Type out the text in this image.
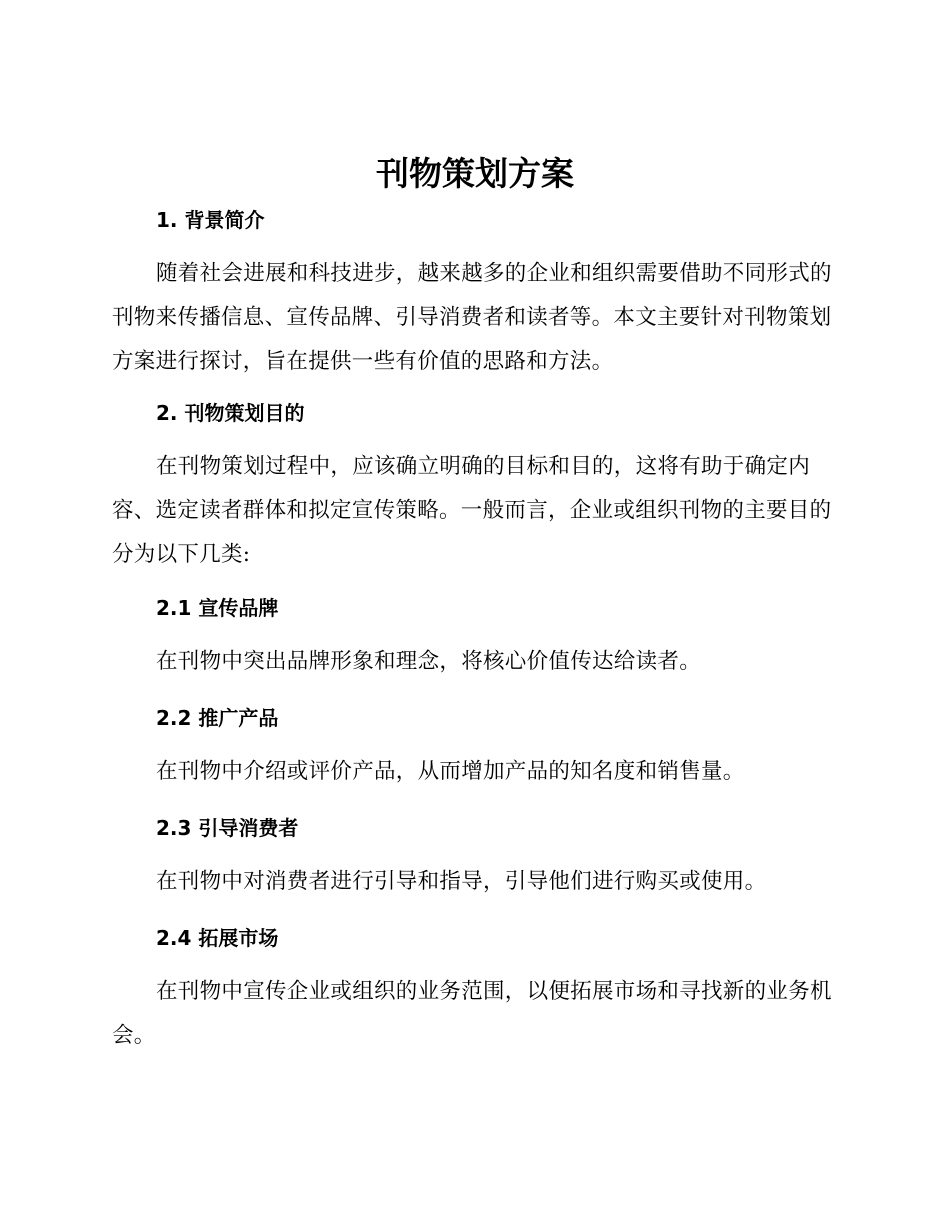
刊物策划方案
1. 背景简介
随着社会进展和科技进步，越来越多的企业和组织需要借助不同形式的
刊物来传播信息、宣传品牌、引导消费者和读者等。本文主要针对刊物策划
方案进行探讨，旨在提供一些有价值的思路和方法。
2. 刊物策划目的
在刊物策划过程中，应该确立明确的目标和目的，这将有助于确定内
容、选定读者群体和拟定宣传策略。一般而言，企业或组织刊物的主要目的
分为以下几类:
2.1 宣传品牌
在刊物中突出品牌形象和理念，将核心价值传达给读者。
2.2 推广产品
在刊物中介绍或评价产品，从而增加产品的知名度和销售量。
2.3 引导消费者
在刊物中对消费者进行引导和指导，引导他们进行购买或使用。
2.4 拓展市场
在刊物中宣传企业或组织的业务范围，以便拓展市场和寻找新的业务机
会。
